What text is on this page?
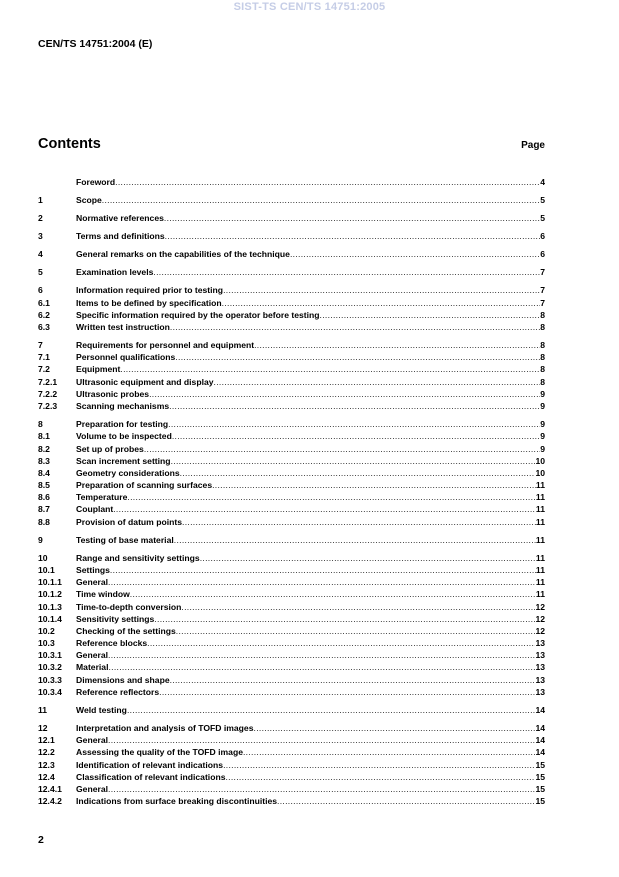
SIST-TS CEN/TS 14751:2005
CEN/TS 14751:2004 (E)
Contents	Page
Foreword .....	4
1	Scope .....	5
2	Normative references .....	5
3	Terms and definitions .....	6
4	General remarks on the capabilities of the technique .....	6
5	Examination levels .....	7
6	Information required prior to testing .....	7
6.1	Items to be defined by specification .....	7
6.2	Specific information required by the operator before testing .....	8
6.3	Written test instruction .....	8
7	Requirements for personnel and equipment .....	8
7.1	Personnel qualifications .....	8
7.2	Equipment .....	8
7.2.1	Ultrasonic equipment and display .....	8
7.2.2	Ultrasonic probes .....	9
7.2.3	Scanning mechanisms .....	9
8	Preparation for testing .....	9
8.1	Volume to be inspected .....	9
8.2	Set up of probes .....	9
8.3	Scan increment setting .....	10
8.4	Geometry considerations .....	10
8.5	Preparation of scanning surfaces .....	11
8.6	Temperature .....	11
8.7	Couplant .....	11
8.8	Provision of datum points .....	11
9	Testing of base material .....	11
10	Range and sensitivity settings .....	11
10.1	Settings .....	11
10.1.1	General .....	11
10.1.2	Time window .....	11
10.1.3	Time-to-depth conversion .....	12
10.1.4	Sensitivity settings .....	12
10.2	Checking of the settings .....	12
10.3	Reference blocks .....	13
10.3.1	General .....	13
10.3.2	Material .....	13
10.3.3	Dimensions and shape .....	13
10.3.4	Reference reflectors .....	13
11	Weld testing .....	14
12	Interpretation and analysis of TOFD images .....	14
12.1	General .....	14
12.2	Assessing the quality of the TOFD image .....	14
12.3	Identification of relevant indications .....	15
12.4	Classification of relevant indications .....	15
12.4.1	General .....	15
12.4.2	Indications from surface breaking discontinuities .....	15
2
